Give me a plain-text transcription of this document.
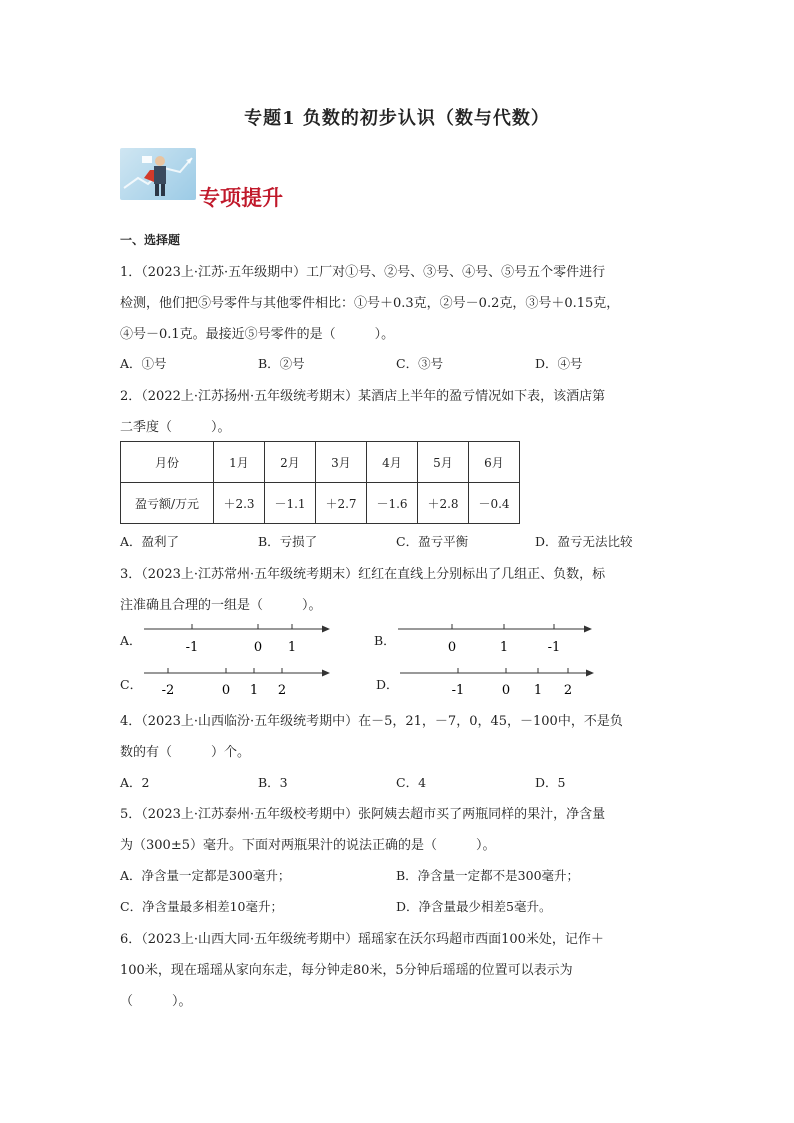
专题1 负数的初步认识（数与代数）
专项提升
一、选择题
1．（2023上·江苏·五年级期中）工厂对①号、②号、③号、④号、⑤号五个零件进行
检测，他们把⑤号零件与其他零件相比：①号＋0.3克，②号－0.2克，③号＋0.15克，
④号－0.1克。最接近⑤号零件的是（　　　）。
A．①号	B．②号	C．③号	D．④号
2．（2022上·江苏扬州·五年级统考期末）某酒店上半年的盈亏情况如下表，该酒店第
二季度（　　　）。
月份	1月	2月	3月	4月	5月	6月
盈亏额/万元	＋2.3	－1.1	＋2.7	－1.6	＋2.8	－0.4
A．盈利了	B．亏损了	C．盈亏平衡	D．盈亏无法比较
3．（2023上·江苏常州·五年级统考期末）红红在直线上分别标出了几组正、负数，标
注准确且合理的一组是（　　　）。
A．	B．
C．	D．
-1	0 1	0	1	-1
-2	0 1 2	-1	0 1 2
4．（2023上·山西临汾·五年级统考期中）在－5，21，－7，0，45，－100中，不是负
数的有（　　　）个。
A．2	B．3	C．4	D．5
5．（2023上·江苏泰州·五年级校考期中）张阿姨去超市买了两瓶同样的果汁，净含量
为（300±5）毫升。下面对两瓶果汁的说法正确的是（　　　）。
A．净含量一定都是300毫升；	B．净含量一定都不是300毫升；
C．净含量最多相差10毫升；	D．净含量最少相差5毫升。
6．（2023上·山西大同·五年级统考期中）瑶瑶家在沃尔玛超市西面100米处，记作＋
100米，现在瑶瑶从家向东走，每分钟走80米，5分钟后瑶瑶的位置可以表示为
（　　　）。
